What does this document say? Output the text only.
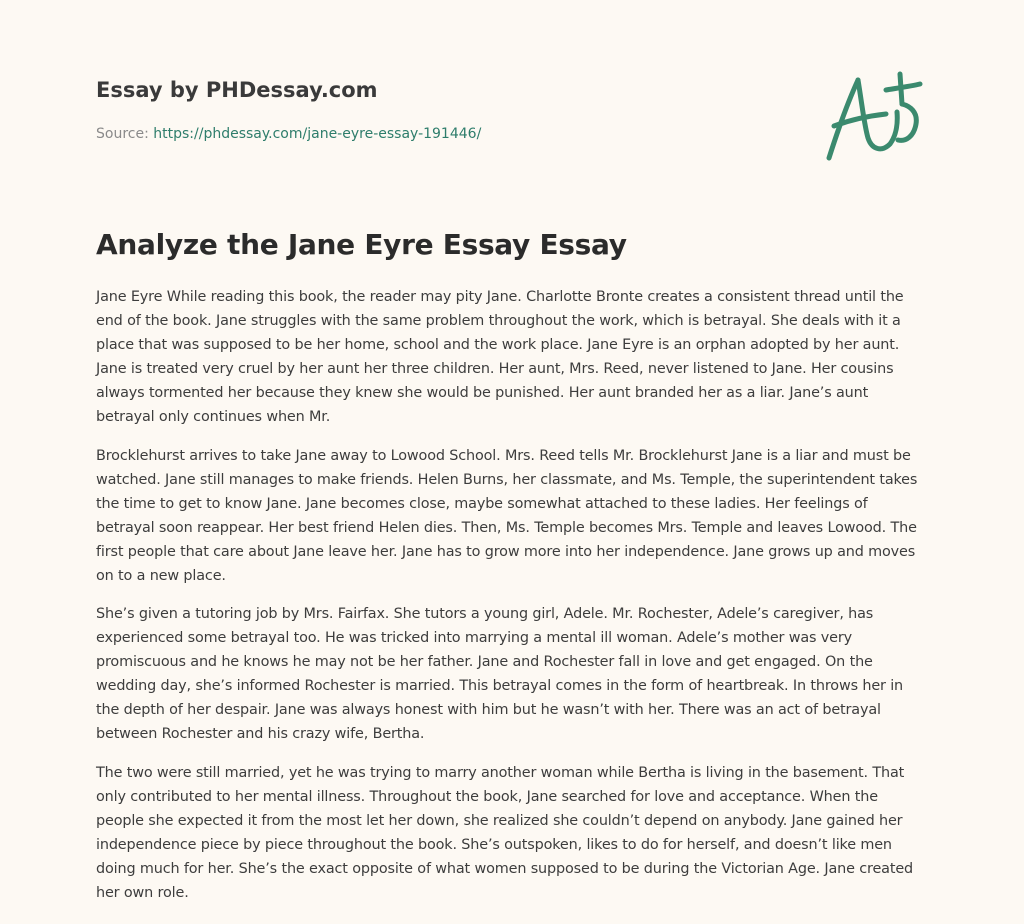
Essay by PHDessay.com
Source: https://phdessay.com/jane-eyre-essay-191446/
Analyze the Jane Eyre Essay Essay

Jane Eyre While reading this book, the reader may pity Jane. Charlotte Bronte creates a consistent thread until the end of the book. Jane struggles with the same problem throughout the work, which is betrayal. She deals with it a place that was supposed to be her home, school and the work place. Jane Eyre is an orphan adopted by her aunt. Jane is treated very cruel by her aunt her three children. Her aunt, Mrs. Reed, never listened to Jane. Her cousins always tormented her because they knew she would be punished. Her aunt branded her as a liar. Jane’s aunt betrayal only continues when Mr.

Brocklehurst arrives to take Jane away to Lowood School. Mrs. Reed tells Mr. Brocklehurst Jane is a liar and must be watched. Jane still manages to make friends. Helen Burns, her classmate, and Ms. Temple, the superintendent takes the time to get to know Jane. Jane becomes close, maybe somewhat attached to these ladies. Her feelings of betrayal soon reappear. Her best friend Helen dies. Then, Ms. Temple becomes Mrs. Temple and leaves Lowood. The first people that care about Jane leave her. Jane has to grow more into her independence. Jane grows up and moves on to a new place.

She’s given a tutoring job by Mrs. Fairfax. She tutors a young girl, Adele. Mr. Rochester, Adele’s caregiver, has experienced some betrayal too. He was tricked into marrying a mental ill woman. Adele’s mother was very promiscuous and he knows he may not be her father. Jane and Rochester fall in love and get engaged. On the wedding day, she’s informed Rochester is married. This betrayal comes in the form of heartbreak. In throws her in the depth of her despair. Jane was always honest with him but he wasn’t with her. There was an act of betrayal between Rochester and his crazy wife, Bertha.

The two were still married, yet he was trying to marry another woman while Bertha is living in the basement. That only contributed to her mental illness. Throughout the book, Jane searched for love and acceptance. When the people she expected it from the most let her down, she realized she couldn’t depend on anybody. Jane gained her independence piece by piece throughout the book. She’s outspoken, likes to do for herself, and doesn’t like men doing much for her. She’s the exact opposite of what women supposed to be during the Victorian Age. Jane created her own role.
